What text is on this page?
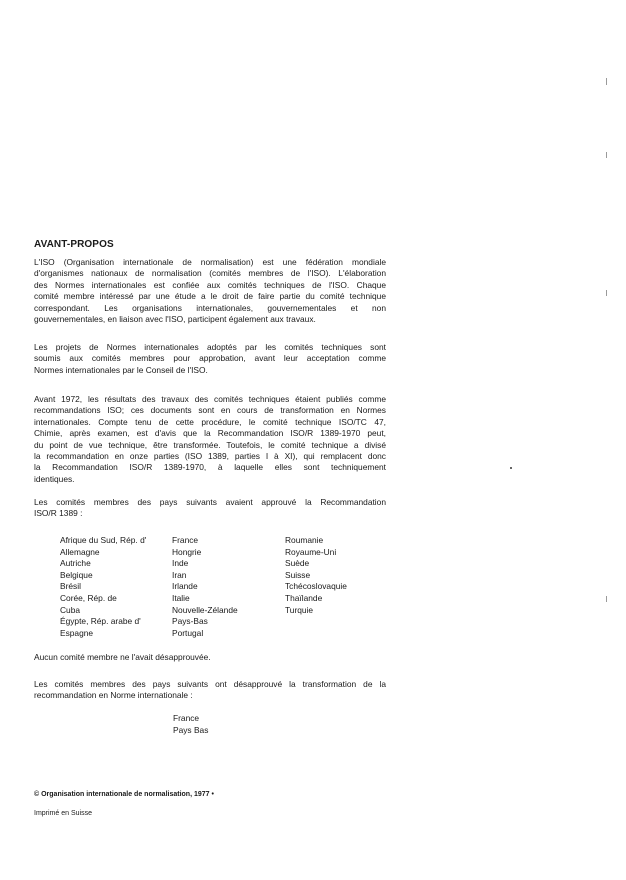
AVANT-PROPOS

L'ISO (Organisation internationale de normalisation) est une fédération mondiale
d'organismes nationaux de normalisation (comités membres de l'ISO). L'élaboration
des Normes internationales est confiée aux comités techniques de l'ISO. Chaque
comité membre intéressé par une étude a le droit de faire partie du comité technique
correspondant. Les organisations internationales, gouvernementales et non
gouvernementales, en liaison avec l'ISO, participent également aux travaux.

Les projets de Normes internationales adoptés par les comités techniques sont
soumis aux comités membres pour approbation, avant leur acceptation comme
Normes internationales par le Conseil de l'ISO.

Avant 1972, les résultats des travaux des comités techniques étaient publiés comme
recommandations ISO; ces documents sont en cours de transformation en Normes
internationales. Compte tenu de cette procédure, le comité technique ISO/TC 47,
Chimie, après examen, est d'avis que la Recommandation ISO/R 1389-1970 peut,
du point de vue technique, être transformée. Toutefois, le comité technique a divisé
la recommandation en onze parties (ISO 1389, parties I à XI), qui remplacent donc
la Recommandation ISO/R 1389-1970, à laquelle elles sont techniquement
identiques.

Les comités membres des pays suivants avaient approuvé la Recommandation
ISO/R 1389 :

Afrique du Sud, Rép. d'
Allemagne
Autriche
Belgique
Brésil
Corée, Rép. de
Cuba
Égypte, Rép. arabe d'
Espagne
France
Hongrie
Inde
Iran
Irlande
Italie
Nouvelle-Zélande
Pays-Bas
Portugal
Roumanie
Royaume-Uni
Suède
Suisse
Tchécoslovaquie
Thaïlande
Turquie

Aucun comité membre ne l'avait désapprouvée.

Les comités membres des pays suivants ont désapprouvé la transformation de la
recommandation en Norme internationale :

France
Pays Bas
© Organisation internationale de normalisation, 1977 •
Imprimé en Suisse
